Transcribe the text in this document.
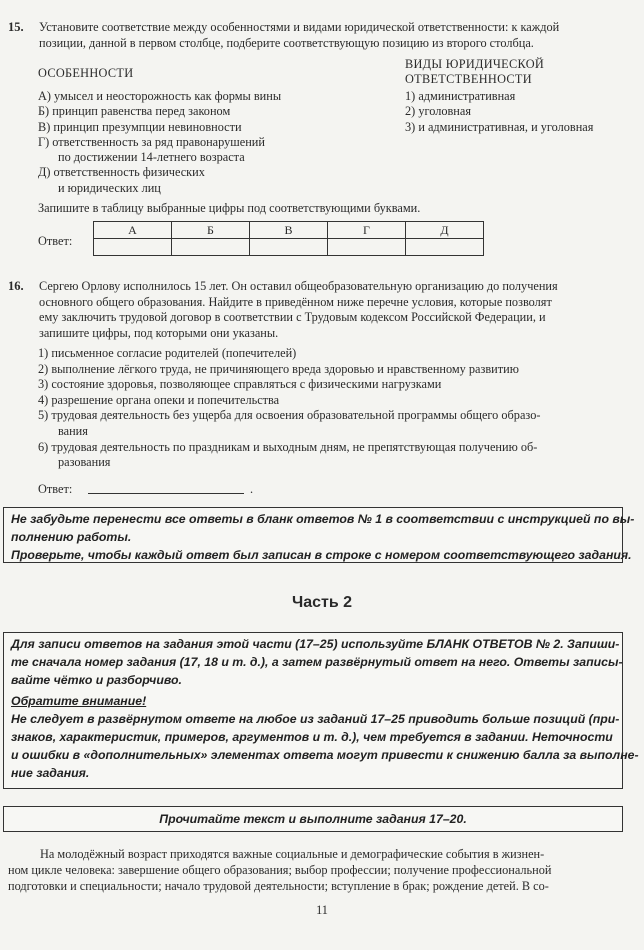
15. Установите соответствие между особенностями и видами юридической ответственности: к каждой
позиции, данной в первом столбце, подберите соответствующую позицию из второго столбца.
ОСОБЕННОСТИ
ВИДЫ ЮРИДИЧЕСКОЙ
ОТВЕТСТВЕННОСТИ
А) умысел и неосторожность как формы вины
Б) принцип равенства перед законом
В) принцип презумпции невиновности
Г) ответственность за ряд правонарушений
по достижении 14-летнего возраста
Д) ответственность физических
и юридических лиц
1) административная
2) уголовная
3) и административная, и уголовная
Запишите в таблицу выбранные цифры под соответствующими буквами.
Ответ:
А	Б	В	Г	Д

16. Сергею Орлову исполнилось 15 лет. Он оставил общеобразовательную организацию до получения
основного общего образования. Найдите в приведённом ниже перечне условия, которые позволят
ему заключить трудовой договор в соответствии с Трудовым кодексом Российской Федерации, и
запишите цифры, под которыми они указаны.
1) письменное согласие родителей (попечителей)
2) выполнение лёгкого труда, не причиняющего вреда здоровью и нравственному развитию
3) состояние здоровья, позволяющее справляться с физическими нагрузками
4) разрешение органа опеки и попечительства
5) трудовая деятельность без ущерба для освоения образовательной программы общего образо-
вания
6) трудовая деятельность по праздникам и выходным дням, не препятствующая получению об-
разования
Ответ:	.
Не забудьте перенести все ответы в бланк ответов № 1 в соответствии с инструкцией по вы-
полнению работы.
Проверьте, чтобы каждый ответ был записан в строке с номером соответствующего задания.
Часть 2
Для записи ответов на задания этой части (17–25) используйте БЛАНК ОТВЕТОВ № 2. Запиши-
те сначала номер задания (17, 18 и т. д.), а затем развёрнутый ответ на него. Ответы записы-
вайте чётко и разборчиво.
Обратите внимание!
Не следует в развёрнутом ответе на любое из заданий 17–25 приводить больше позиций (при-
знаков, характеристик, примеров, аргументов и т. д.), чем требуется в задании. Неточности
и ошибки в «дополнительных» элементах ответа могут привести к снижению балла за выполне-
ние задания.
Прочитайте текст и выполните задания 17–20.
На молодёжный возраст приходятся важные социальные и демографические события в жизнен-
ном цикле человека: завершение общего образования; выбор профессии; получение профессиональной
подготовки и специальности; начало трудовой деятельности; вступление в брак; рождение детей. В со-
11
